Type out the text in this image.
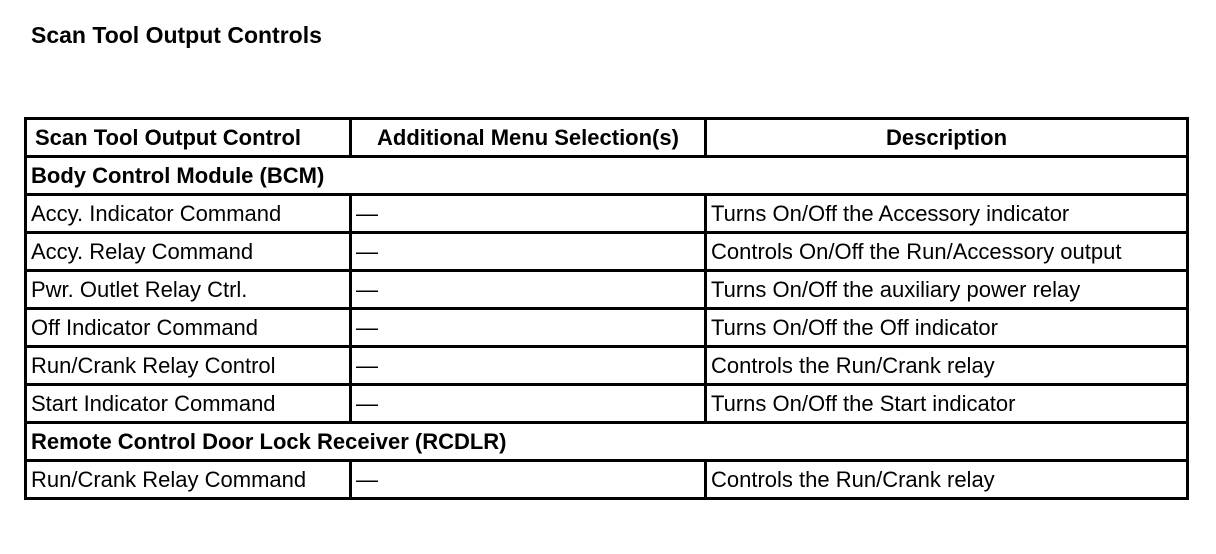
Scan Tool Output Controls
Scan Tool Output Control	Additional Menu Selection(s)	Description
Body Control Module (BCM)		
Accy. Indicator Command	—	Turns On/Off the Accessory indicator
Accy. Relay Command	—	Controls On/Off the Run/Accessory output
Pwr. Outlet Relay Ctrl.	—	Turns On/Off the auxiliary power relay
Off Indicator Command	—	Turns On/Off the Off indicator
Run/Crank Relay Control	—	Controls the Run/Crank relay
Start Indicator Command	—	Turns On/Off the Start indicator
Remote Control Door Lock Receiver (RCDLR)		
Run/Crank Relay Command	—	Controls the Run/Crank relay
